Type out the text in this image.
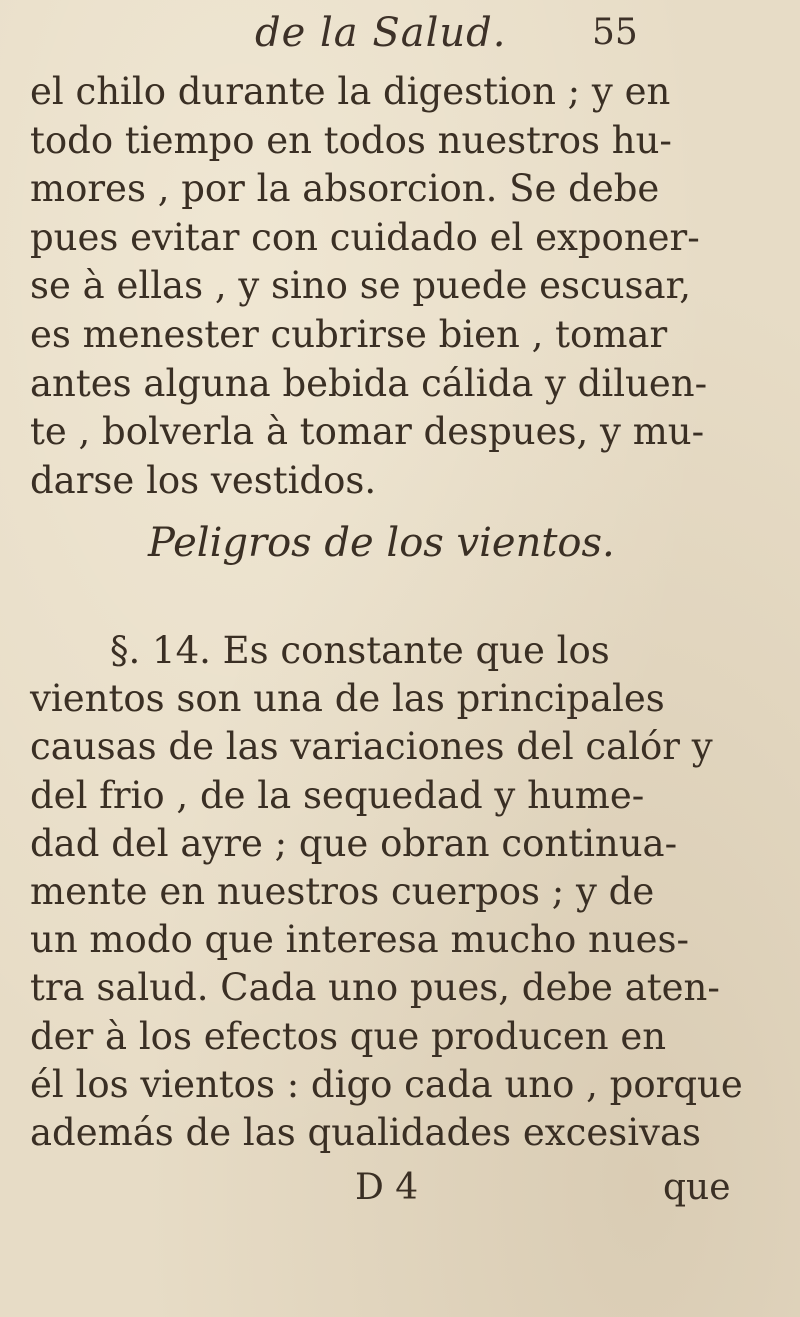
de la Salud. 55
el chilo durante la digestion ; y en
todo tiempo en todos nuestros hu-
mores , por la absorcion. Se debe
pues evitar con cuidado el exponer-
se à ellas , y sino se puede escusar,
es menester cubrirse bien , tomar
antes alguna bebida cálida y diluen-
te , bolverla à tomar despues, y mu-
darse los vestidos.
Peligros de los vientos.
§. 14. Es constante que los
vientos son una de las principales
causas de las variaciones del calór y
del frio , de la sequedad y hume-
dad del ayre ; que obran continua-
mente en nuestros cuerpos ; y de
un modo que interesa mucho nues-
tra salud. Cada uno pues, debe aten-
der à los efectos que producen en
él los vientos : digo cada uno , porque
además de las qualidades excesivas
D 4	que
